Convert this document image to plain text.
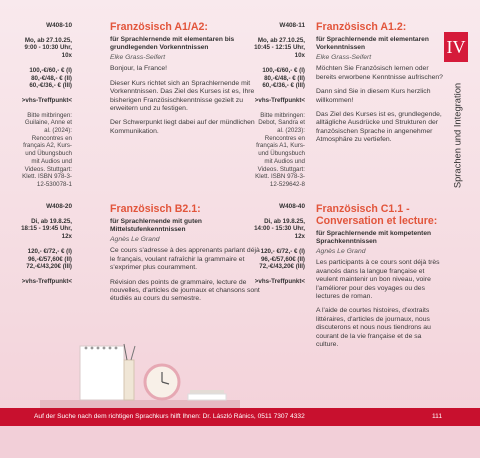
W408-10
Mo, ab 27.10.25,
9:00 - 10:30 Uhr,
10x
100,-€/60,- € (I)
80,-€/48,- € (II)
60,-€/36,- € (III)
>vhs-Treffpunkt<
Bitte mitbringen: Guilaine, Anne et al. (2024): Rencontres en français A2, Kurs- und Übungsbuch mit Audios und Videos. Stuttgart: Klett. ISBN 978-3-12-530078-1
Französisch A1/A2:
für Sprachlernende mit elementaren bis grundlegenden Vorkenntnissen
Elke Grass-Seifert

Bonjour, la France!

Dieser Kurs richtet sich an Sprachlernende mit Vorkenntnissen. Das Ziel des Kurses ist es, Ihre bisherigen Französischkenntnisse gezielt zu erweitern und zu festigen.

Der Schwerpunkt liegt dabei auf der mündlichen Kommunikation.

W408-11
Mo, ab 27.10.25,
10:45 - 12:15 Uhr,
10x
100,-€/60,- € (I)
80,-€/48,- € (II)
60,-€/36,- € (III)
>vhs-Treffpunkt<
Bitte mitbringen: Debot, Sandra et al. (2023): Rencontres en français A1, Kurs- und Übungsbuch mit Audios und Videos. Stuttgart: Klett. ISBN 978-3-12-529642-8
Französisch A1.2:
für Sprachlernende mit elementaren Vorkenntnissen
Elke Grass-Seifert

Möchten Sie Französisch lernen oder bereits erworbene Kenntnisse aufrischen?

Dann sind Sie in diesem Kurs herzlich willkommen!

Das Ziel des Kurses ist es, grundlegende, alltägliche Ausdrücke und Strukturen der französischen Sprache in angenehmer Atmosphäre zu vertiefen.

W408-20
Di, ab 19.8.25,
18:15 - 19:45 Uhr,
12x
120,- €/72,- € (I)
96,-€/57,60€ (II)
72,-€/43,20€ (III)
>vhs-Treffpunkt<
Französisch B2.1:
für Sprachlernende mit guten Mittelstufenkenntnissen
Agnès Le Grand

Ce cours s'adresse à des apprenants parlant déjà le français, voulant rafraîchir la grammaire et s'exprimer plus couramment.

Révision des points de grammaire, lecture de nouvelles, d'articles de journaux et chansons sont étudiés au cours du semestre.

W408-40
Di, ab 19.8.25,
14:00 - 15:30 Uhr,
12x
120,- €/72,- € (I)
96,-€/57,60€ (II)
72,-€/43,20€ (III)
>vhs-Treffpunkt<
Französisch C1.1 - Conversation et lecture:
für Sprachlernende mit kompetenten Sprachkenntnissen
Agnès Le Grand

Les participants à ce cours sont déjà très avancés dans la langue française et veulent maintenir un bon niveau, voire l'améliorer pour des voyages ou des lectures de roman.

A l'aide de courtes histoires, d'extraits littéraires, d'articles de journaux, nous discuterons et nous nous tiendrons au courant de la vie française et de sa culture.

IV
Sprachen und Integration
Auf der Suche nach dem richtigen Sprachkurs hilft Ihnen: Dr. László Ránics, 0511 7307 4332	111
